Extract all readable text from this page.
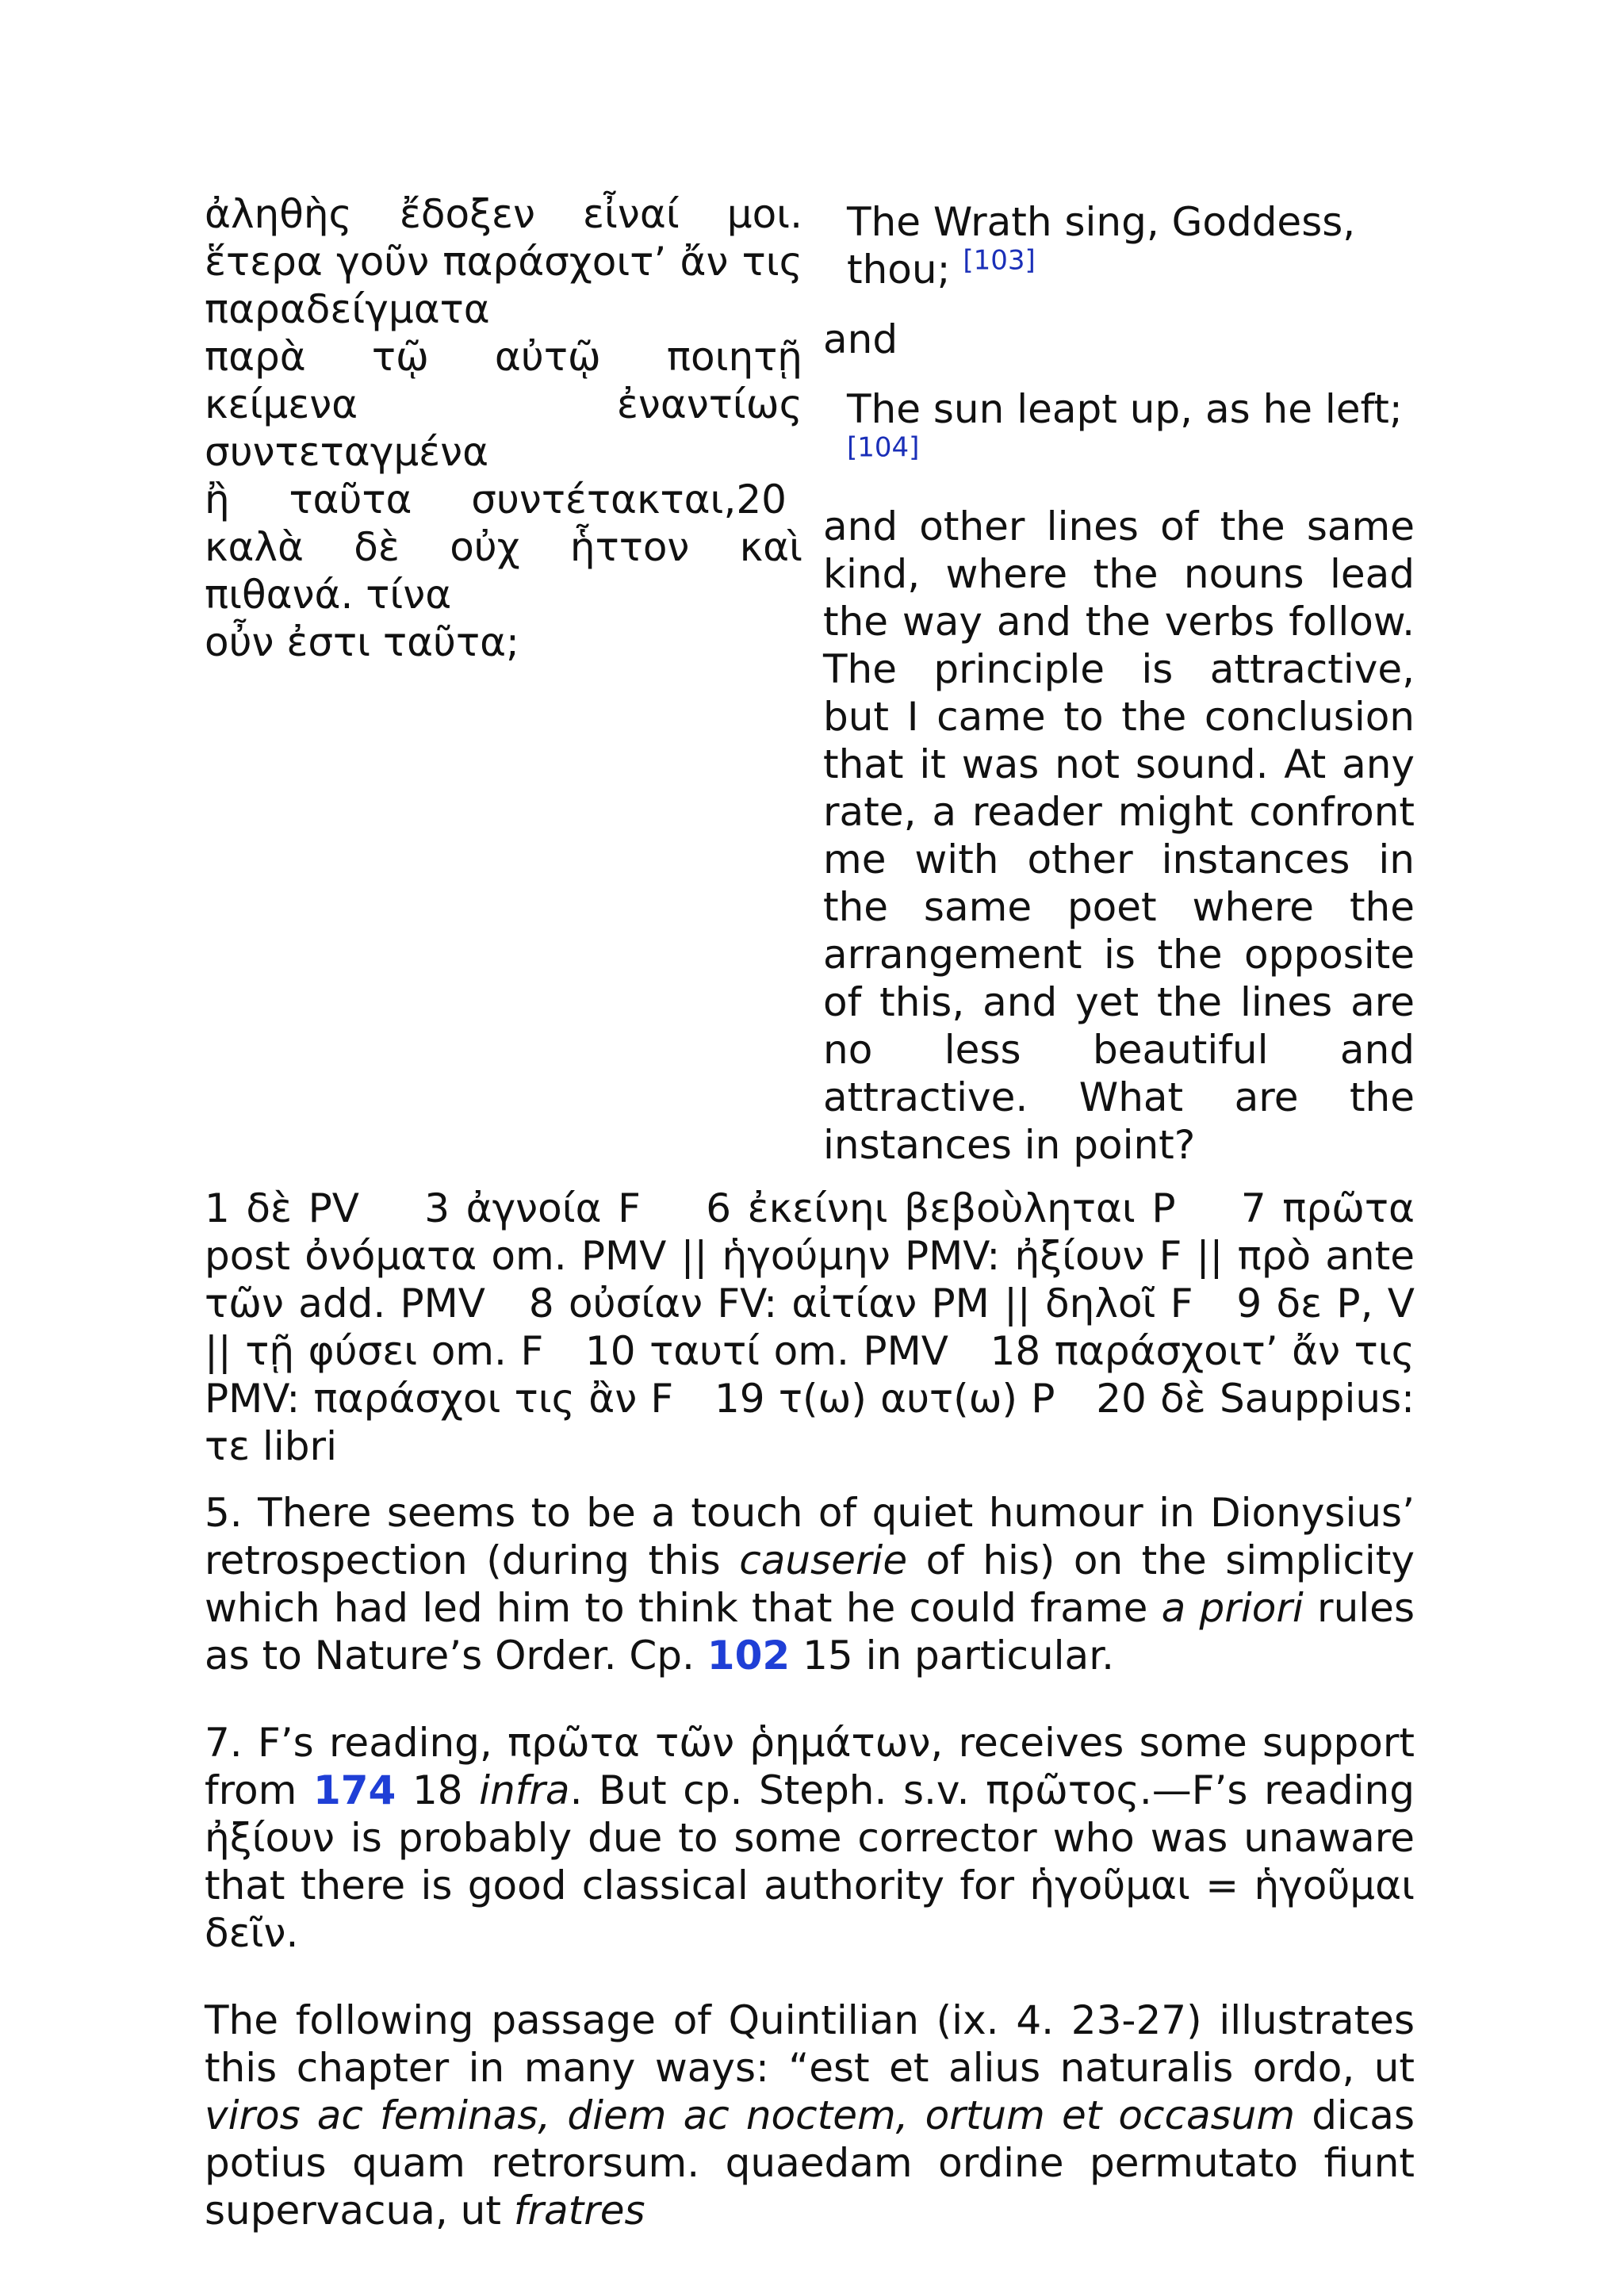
ἀληθὴς ἔδοξεν εἶναί μοι. ἕτερα γοῦν παράσχοιτ’ ἄν τις παραδείγματα
παρὰ τῷ αὐτῷ ποιητῇ κείμενα ἐναντίως συντεταγμένα
20
ἢ ταῦτα συντέτακται, καλὰ δὲ οὐχ ἧττον καὶ πιθανά. τίνα
οὖν ἐστι ταῦτα;
The Wrath sing, Goddess, thou; [103]
and
The sun leapt up, as he left;[104]

and other lines of the same kind, where the nouns lead the way and the verbs follow. The principle is attractive, but I came to the conclusion that it was not sound. At any rate, a reader might confront me with other instances in the same poet where the arrangement is the opposite of this, and yet the lines are no less beautiful and attractive. What are the instances in point?

1 δὲ PV    3 ἀγνοία F    6 ἐκείνηι βεβοὺληται P    7 πρῶτα post ὀνόματα om. PMV || ἡγούμην PMV: ἠξίουν F || πρὸ ante τῶν add. PMV   8 οὐσίαν FV: αἰτίαν PM || δηλοῖ F   9 δε P, V || τῇ φύσει om. F   10 ταυτί om. PMV   18 παράσχοιτ’ ἄν τις PMV: παράσχοι τις ἂν F   19 τ(ω) αυτ(ω) P   20 δὲ Sauppius: τε libri

5. There seems to be a touch of quiet humour in Dionysius’ retrospection (during this causerie of his) on the simplicity which had led him to think that he could frame a priori rules as to Nature’s Order. Cp. 102 15 in particular.

7. F’s reading, πρῶτα τῶν ῥημάτων, receives some support from 174 18 infra. But cp. Steph. s.v. πρῶτος.—F’s reading ἠξίουν is probably due to some corrector who was unaware that there is good classical authority for ἡγοῦμαι = ἡγοῦμαι δεῖν.

The following passage of Quintilian (ix. 4. 23-27) illustrates this chapter in many ways: “est et alius naturalis ordo, ut viros ac feminas, diem ac noctem, ortum et occasum dicas potius quam retrorsum. quaedam ordine permutato fiunt supervacua, ut fratres
